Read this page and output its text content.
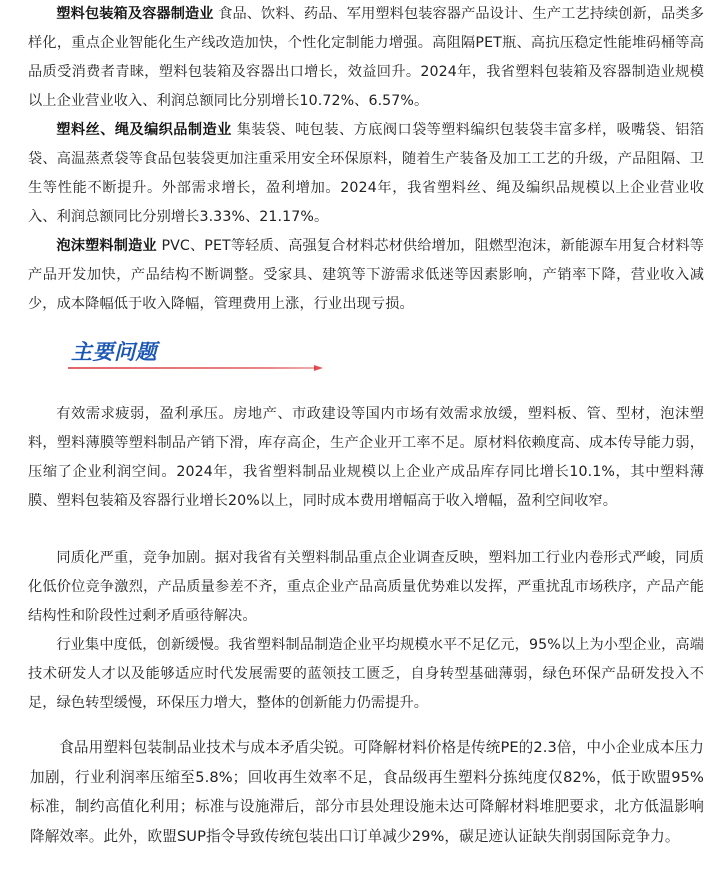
塑料包装箱及容器制造业 食品、饮料、药品、军用塑料包装容器产品设计、生产工艺持续创新，品类多样化，重点企业智能化生产线改造加快，个性化定制能力增强。高阻隔PET瓶、高抗压稳定性能堆码桶等高品质受消费者青睐，塑料包装箱及容器出口增长，效益回升。2024年，我省塑料包装箱及容器制造业规模以上企业营业收入、利润总额同比分别增长10.72%、6.57%。

塑料丝、绳及编织品制造业 集装袋、吨包装、方底阀口袋等塑料编织包装袋丰富多样，吸嘴袋、铝箔袋、高温蒸煮袋等食品包装袋更加注重采用安全环保原料，随着生产装备及加工工艺的升级，产品阻隔、卫生等性能不断提升。外部需求增长，盈利增加。2024年，我省塑料丝、绳及编织品规模以上企业营业收入、利润总额同比分别增长3.33%、21.17%。

泡沫塑料制造业 PVC、PET等轻质、高强复合材料芯材供给增加，阻燃型泡沫，新能源车用复合材料等产品开发加快，产品结构不断调整。受家具、建筑等下游需求低迷等因素影响，产销率下降，营业收入减少，成本降幅低于收入降幅，管理费用上涨，行业出现亏损。

主要问题

有效需求疲弱，盈利承压。房地产、市政建设等国内市场有效需求放缓，塑料板、管、型材，泡沫塑料，塑料薄膜等塑料制品产销下滑，库存高企，生产企业开工率不足。原材料依赖度高、成本传导能力弱，压缩了企业利润空间。2024年，我省塑料制品业规模以上企业产成品库存同比增长10.1%，其中塑料薄膜、塑料包装箱及容器行业增长20%以上，同时成本费用增幅高于收入增幅，盈利空间收窄。

同质化严重，竞争加剧。据对我省有关塑料制品重点企业调查反映，塑料加工行业内卷形式严峻，同质化低价位竞争激烈，产品质量参差不齐，重点企业产品高质量优势难以发挥，严重扰乱市场秩序，产品产能结构性和阶段性过剩矛盾亟待解决。

行业集中度低，创新缓慢。我省塑料制品制造企业平均规模水平不足亿元，95%以上为小型企业，高端技术研发人才以及能够适应时代发展需要的蓝领技工匮乏，自身转型基础薄弱，绿色环保产品研发投入不足，绿色转型缓慢，环保压力增大，整体的创新能力仍需提升。

食品用塑料包装制品业技术与成本矛盾尖锐。可降解材料价格是传统PE的2.3倍，中小企业成本压力加剧，行业利润率压缩至5.8%；回收再生效率不足，食品级再生塑料分拣纯度仅82%，低于欧盟95%标准，制约高值化利用；标准与设施滞后，部分市县处理设施未达可降解材料堆肥要求，北方低温影响降解效率。此外，欧盟SUP指令导致传统包装出口订单减少29%，碳足迹认证缺失削弱国际竞争力。
